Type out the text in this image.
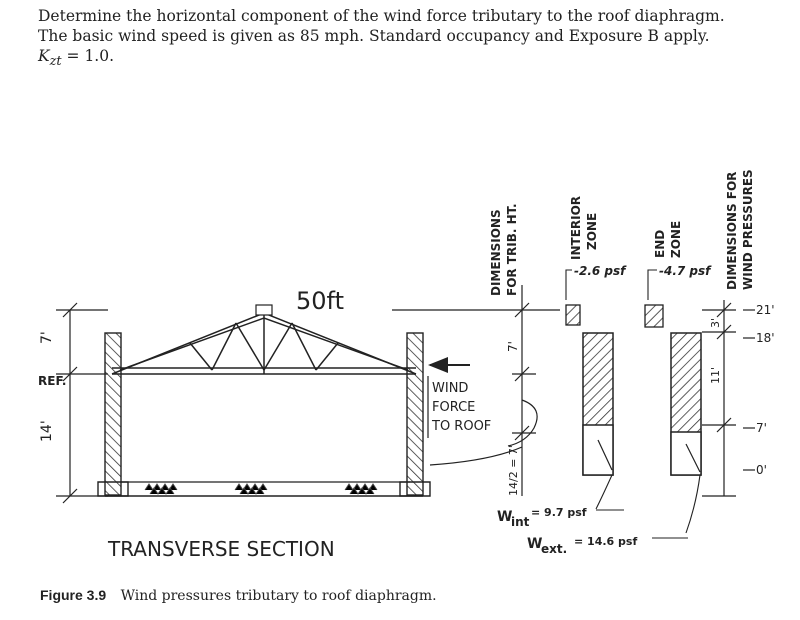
Determine the horizontal component of the wind force tributary to the roof diaphragm.

The basic wind speed is given as 85 mph. Standard occupancy and Exposure B apply.

$K_{zt} = 1.0$.

7'
14'
REF.
50ft
WIND
FORCE
TO ROOF
DIMENSIONS FOR TRIB. HT.
7'
14/2 = 7'
INTERIOR ZONE	END ZONE
-2.6 psf	-4.7 psf
W
int
= 9.7 psf
W
ext.
= 14.6 psf
DIMENSIONS FOR WIND PRESSURES
3'
11'
21'
18'
7'
0'
TRANSVERSE SECTION
Figure 3.9 Wind pressures tributary to roof diaphragm.
